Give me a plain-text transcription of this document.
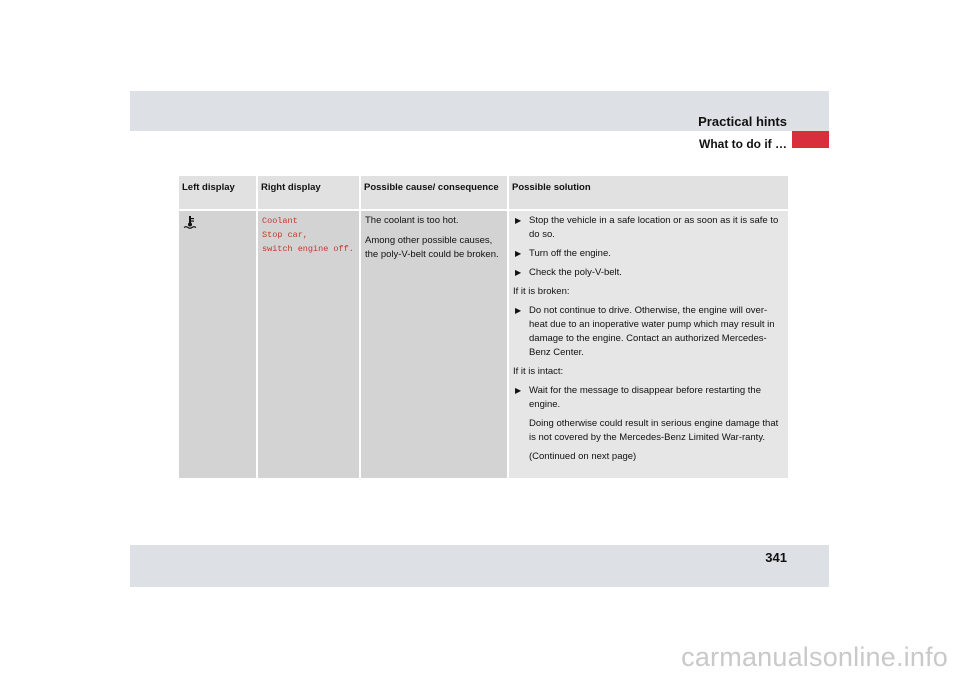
Practical hints
What to do if …
Left display	Right display
Coolant
Stop car,
switch engine off.
Possible cause/ consequence

The coolant is too hot.

Among other possible causes, the poly-V-belt could be broken.

Possible solution
▶ Stop the vehicle in a safe location or as soon as it is safe to do so.
▶ Turn off the engine.
▶ Check the poly-V-belt.
If it is broken:
▶ Do not continue to drive. Otherwise, the engine will over-heat due to an inoperative water pump which may result in damage to the engine. Contact an authorized Mercedes-Benz Center.
If it is intact:
▶ Wait for the message to disappear before restarting the engine.
Doing otherwise could result in serious engine damage that is not covered by the Mercedes-Benz Limited War-ranty.
(Continued on next page)
341
carmanualsonline.info
